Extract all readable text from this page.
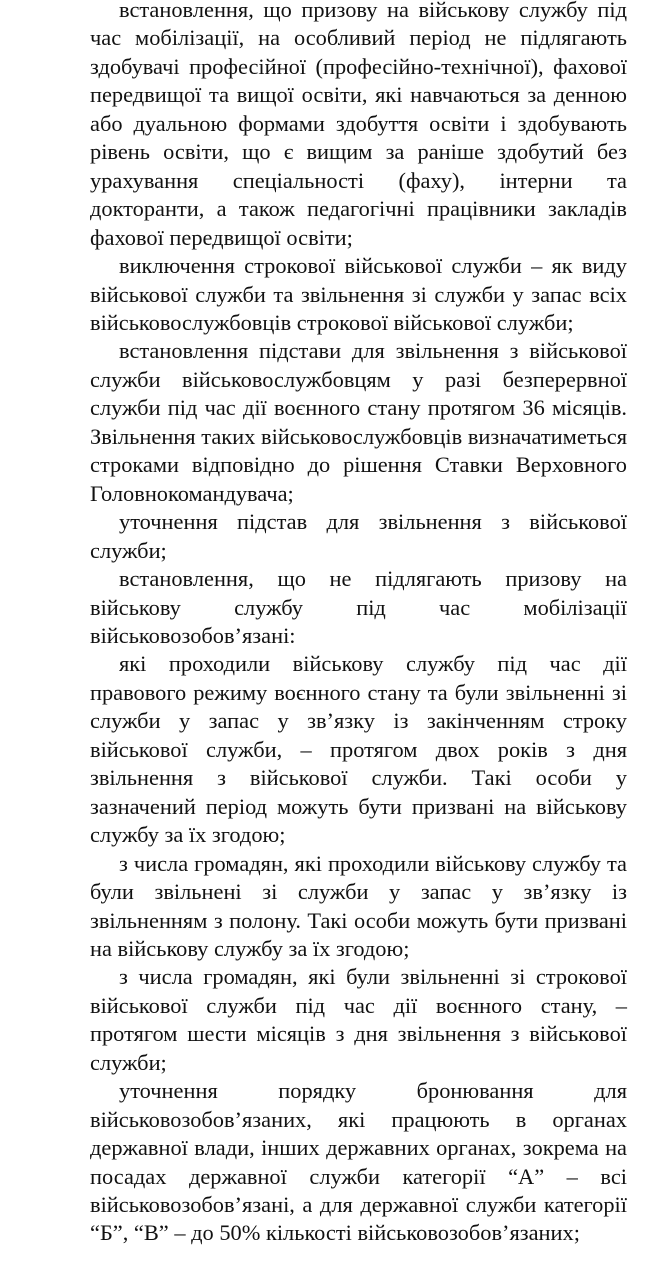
встановлення, що призову на військову службу під час мобілізації, на особливий період не підлягають здобувачі професійної (професійно-технічної), фахової передвищої та вищої освіти, які навчаються за денною або дуальною формами здобуття освіти і здобувають рівень освіти, що є вищим за раніше здобутий без урахування спеціальності (фаху), інтерни та докторанти, а також педагогічні працівники закладів фахової передвищої освіти;

виключення строкової військової служби – як виду військової служби та звільнення зі служби у запас всіх військовослужбовців строкової військової служби;

встановлення підстави для звільнення з військової служби військовослужбовцям у разі безперервної служби під час дії воєнного стану протягом 36 місяців. Звільнення таких військовослужбовців визначатиметься строками відповідно до рішення Ставки Верховного Головнокомандувача;

уточнення підстав для звільнення з військової служби;

встановлення, що не підлягають призову на військову службу під час мобілізації військовозобов’язані:

які проходили військову службу під час дії правового режиму воєнного стану та були звільненні зі служби у запас у зв’язку із закінченням строку військової служби, – протягом двох років з дня звільнення з військової служби. Такі особи у зазначений період можуть бути призвані на військову службу за їх згодою;

з числа громадян, які проходили військову службу та були звільнені зі служби у запас у зв’язку із звільненням з полону. Такі особи можуть бути призвані на військову службу за їх згодою;

з числа громадян, які були звільненні зі строкової військової служби під час дії воєнного стану, – протягом шести місяців з дня звільнення з військової служби;

уточнення порядку бронювання для військовозобов’язаних, які працюють в органах державної влади, інших державних органах, зокрема на посадах державної служби категорії “А” – всі військовозобов’язані, а для державної служби категорії “Б”, “В” – до 50% кількості військовозобов’язаних;
